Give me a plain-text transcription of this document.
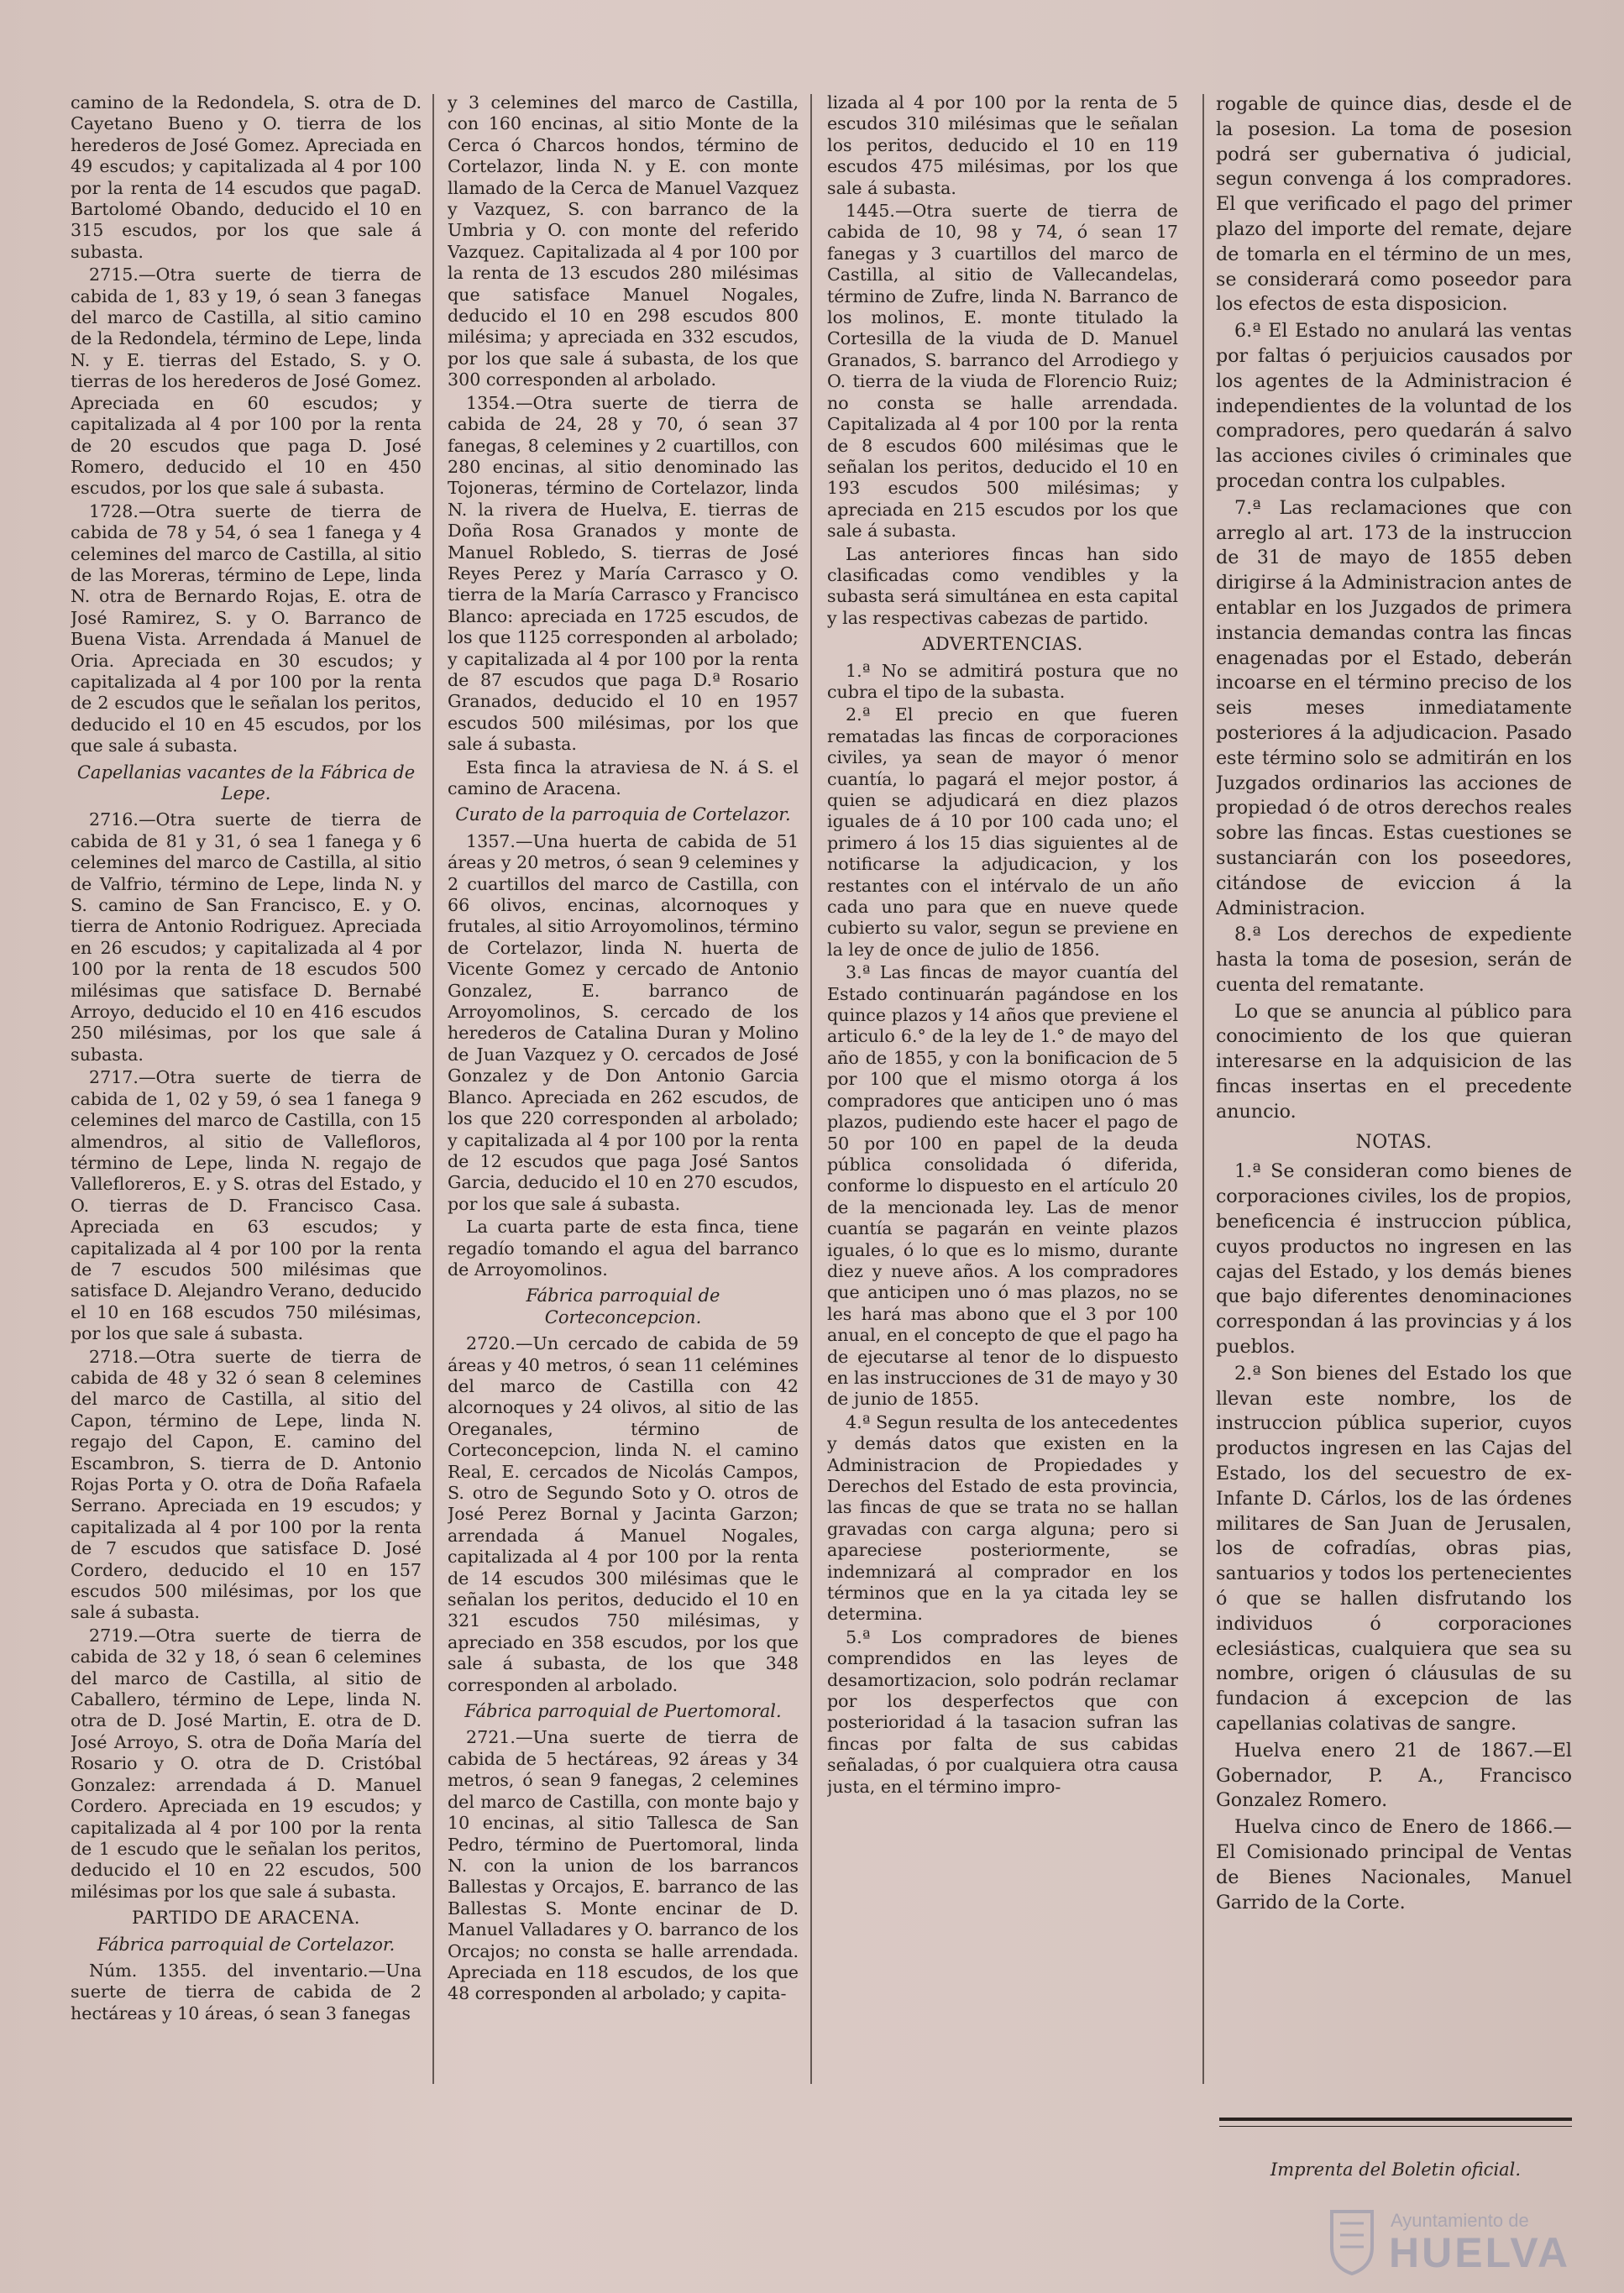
camino de la Redondela, S. otra de D. Cayetano Bueno y O. tierra de los herederos de José Gomez. Apreciada en 49 escudos; y capitalizada al 4 por 100 por la renta de 14 escudos que pagaD. Bartolomé Obando, deducido el 10 en 315 escudos, por los que sale á subasta.

2715.—Otra suerte de tierra de cabida de 1, 83 y 19, ó sean 3 fanegas del marco de Castilla, al sitio camino de la Redondela, término de Lepe, linda N. y E. tierras del Estado, S. y O. tierras de los herederos de José Gomez. Apreciada en 60 escudos; y capitalizada al 4 por 100 por la renta de 20 escudos que paga D. José Romero, deducido el 10 en 450 escudos, por los que sale á subasta.

1728.—Otra suerte de tierra de cabida de 78 y 54, ó sea 1 fanega y 4 celemines del marco de Castilla, al sitio de las Moreras, término de Lepe, linda N. otra de Bernardo Rojas, E. otra de José Ramirez, S. y O. Barranco de Buena Vista. Arrendada á Manuel de Oria. Apreciada en 30 escudos; y capitalizada al 4 por 100 por la renta de 2 escudos que le señalan los peritos, deducido el 10 en 45 escudos, por los que sale á subasta.

Capellanias vacantes de la Fábrica de Lepe.

2716.—Otra suerte de tierra de cabida de 81 y 31, ó sea 1 fanega y 6 celemines del marco de Castilla, al sitio de Valfrio, término de Lepe, linda N. y S. camino de San Francisco, E. y O. tierra de Antonio Rodriguez. Apreciada en 26 escudos; y capitalizada al 4 por 100 por la renta de 18 escudos 500 milésimas que satisface D. Bernabé Arroyo, deducido el 10 en 416 escudos 250 milésimas, por los que sale á subasta.

2717.—Otra suerte de tierra de cabida de 1, 02 y 59, ó sea 1 fanega 9 celemines del marco de Castilla, con 15 almendros, al sitio de Vallefloros, término de Lepe, linda N. regajo de Vallefloreros, E. y S. otras del Estado, y O. tierras de D. Francisco Casa. Apreciada en 63 escudos; y capitalizada al 4 por 100 por la renta de 7 escudos 500 milésimas que satisface D. Alejandro Verano, deducido el 10 en 168 escudos 750 milésimas, por los que sale á subasta.

2718.—Otra suerte de tierra de cabida de 48 y 32 ó sean 8 celemines del marco de Castilla, al sitio del Capon, término de Lepe, linda N. regajo del Capon, E. camino del Escambron, S. tierra de D. Antonio Rojas Porta y O. otra de Doña Rafaela Serrano. Apreciada en 19 escudos; y capitalizada al 4 por 100 por la renta de 7 escudos que satisface D. José Cordero, deducido el 10 en 157 escudos 500 milésimas, por los que sale á subasta.

2719.—Otra suerte de tierra de cabida de 32 y 18, ó sean 6 celemines del marco de Castilla, al sitio de Caballero, término de Lepe, linda N. otra de D. José Martin, E. otra de D. José Arroyo, S. otra de Doña María del Rosario y O. otra de D. Cristóbal Gonzalez: arrendada á D. Manuel Cordero. Apreciada en 19 escudos; y capitalizada al 4 por 100 por la renta de 1 escudo que le señalan los peritos, deducido el 10 en 22 escudos, 500 milésimas por los que sale á subasta.

PARTIDO DE ARACENA.
Fábrica parroquial de Cortelazor.

Núm. 1355. del inventario.—Una suerte de tierra de cabida de 2 hectáreas y 10 áreas, ó sean 3 fanegas

y 3 celemines del marco de Castilla, con 160 encinas, al sitio Monte de la Cerca ó Charcos hondos, término de Cortelazor, linda N. y E. con monte llamado de la Cerca de Manuel Vazquez y Vazquez, S. con barranco de la Umbria y O. con monte del referido Vazquez. Capitalizada al 4 por 100 por la renta de 13 escudos 280 milésimas que satisface Manuel Nogales, deducido el 10 en 298 escudos 800 milésima; y apreciada en 332 escudos, por los que sale á subasta, de los que 300 corresponden al arbolado.

1354.—Otra suerte de tierra de cabida de 24, 28 y 70, ó sean 37 fanegas, 8 celemines y 2 cuartillos, con 280 encinas, al sitio denominado las Tojoneras, término de Cortelazor, linda N. la rivera de Huelva, E. tierras de Doña Rosa Granados y monte de Manuel Robledo, S. tierras de José Reyes Perez y María Carrasco y O. tierra de la María Carrasco y Francisco Blanco: apreciada en 1725 escudos, de los que 1125 corresponden al arbolado; y capitalizada al 4 por 100 por la renta de 87 escudos que paga D.ª Rosario Granados, deducido el 10 en 1957 escudos 500 milésimas, por los que sale á subasta.

Esta finca la atraviesa de N. á S. el camino de Aracena.

Curato de la parroquia de Cortelazor.

1357.—Una huerta de cabida de 51 áreas y 20 metros, ó sean 9 celemines y 2 cuartillos del marco de Castilla, con 66 olivos, encinas, alcornoques y frutales, al sitio Arroyomolinos, término de Cortelazor, linda N. huerta de Vicente Gomez y cercado de Antonio Gonzalez, E. barranco de Arroyomolinos, S. cercado de los herederos de Catalina Duran y Molino de Juan Vazquez y O. cercados de José Gonzalez y de Don Antonio Garcia Blanco. Apreciada en 262 escudos, de los que 220 corresponden al arbolado; y capitalizada al 4 por 100 por la renta de 12 escudos que paga José Santos Garcia, deducido el 10 en 270 escudos, por los que sale á subasta.

La cuarta parte de esta finca, tiene regadío tomando el agua del barranco de Arroyomolinos.

Fábrica parroquial de Corteconcepcion.

2720.—Un cercado de cabida de 59 áreas y 40 metros, ó sean 11 celémines del marco de Castilla con 42 alcornoques y 24 olivos, al sitio de las Oreganales, término de Corteconcepcion, linda N. el camino Real, E. cercados de Nicolás Campos, S. otro de Segundo Soto y O. otros de José Perez Bornal y Jacinta Garzon; arrendada á Manuel Nogales, capitalizada al 4 por 100 por la renta de 14 escudos 300 milésimas que le señalan los peritos, deducido el 10 en 321 escudos 750 milésimas, y apreciado en 358 escudos, por los que sale á subasta, de los que 348 corresponden al arbolado.

Fábrica parroquial de Puertomoral.

2721.—Una suerte de tierra de cabida de 5 hectáreas, 92 áreas y 34 metros, ó sean 9 fanegas, 2 celemines del marco de Castilla, con monte bajo y 10 encinas, al sitio Tallesca de San Pedro, término de Puertomoral, linda N. con la union de los barrancos Ballestas y Orcajos, E. barranco de las Ballestas S. Monte encinar de D. Manuel Valladares y O. barranco de los Orcajos; no consta se halle arrendada. Apreciada en 118 escudos, de los que 48 corresponden al arbolado; y capita-

lizada al 4 por 100 por la renta de 5 escudos 310 milésimas que le señalan los peritos, deducido el 10 en 119 escudos 475 milésimas, por los que sale á subasta.

1445.—Otra suerte de tierra de cabida de 10, 98 y 74, ó sean 17 fanegas y 3 cuartillos del marco de Castilla, al sitio de Vallecandelas, término de Zufre, linda N. Barranco de los molinos, E. monte titulado la Cortesilla de la viuda de D. Manuel Granados, S. barranco del Arrodiego y O. tierra de la viuda de Florencio Ruiz; no consta se halle arrendada. Capitalizada al 4 por 100 por la renta de 8 escudos 600 milésimas que le señalan los peritos, deducido el 10 en 193 escudos 500 milésimas; y apreciada en 215 escudos por los que sale á subasta.

Las anteriores fincas han sido clasificadas como vendibles y la subasta será simultánea en esta capital y las respectivas cabezas de partido.

ADVERTENCIAS.

1.ª No se admitirá postura que no cubra el tipo de la subasta.

2.ª El precio en que fueren rematadas las fincas de corporaciones civiles, ya sean de mayor ó menor cuantía, lo pagará el mejor postor, á quien se adjudicará en diez plazos iguales de á 10 por 100 cada uno; el primero á los 15 dias siguientes al de notificarse la adjudicacion, y los restantes con el intérvalo de un año cada uno para que en nueve quede cubierto su valor, segun se previene en la ley de once de julio de 1856.

3.ª Las fincas de mayor cuantía del Estado continuarán pagándose en los quince plazos y 14 años que previene el articulo 6.° de la ley de 1.° de mayo del año de 1855, y con la bonificacion de 5 por 100 que el mismo otorga á los compradores que anticipen uno ó mas plazos, pudiendo este hacer el pago de 50 por 100 en papel de la deuda pública consolidada ó diferida, conforme lo dispuesto en el artículo 20 de la mencionada ley. Las de menor cuantía se pagarán en veinte plazos iguales, ó lo que es lo mismo, durante diez y nueve años. A los compradores que anticipen uno ó mas plazos, no se les hará mas abono que el 3 por 100 anual, en el concepto de que el pago ha de ejecutarse al tenor de lo dispuesto en las instrucciones de 31 de mayo y 30 de junio de 1855.

4.ª Segun resulta de los antecedentes y demás datos que existen en la Administracion de Propiedades y Derechos del Estado de esta provincia, las fincas de que se trata no se hallan gravadas con carga alguna; pero si apareciese posteriormente, se indemnizará al comprador en los términos que en la ya citada ley se determina.

5.ª Los compradores de bienes comprendidos en las leyes de desamortizacion, solo podrán reclamar por los desperfectos que con posterioridad á la tasacion sufran las fincas por falta de sus cabidas señaladas, ó por cualquiera otra causa justa, en el término impro-

rogable de quince dias, desde el de la posesion. La toma de posesion podrá ser gubernativa ó judicial, segun convenga á los compradores. El que verificado el pago del primer plazo del importe del remate, dejare de tomarla en el término de un mes, se considerará como poseedor para los efectos de esta disposicion.

6.ª El Estado no anulará las ventas por faltas ó perjuicios causados por los agentes de la Administracion é independientes de la voluntad de los compradores, pero quedarán á salvo las acciones civiles ó criminales que procedan contra los culpables.

7.ª Las reclamaciones que con arreglo al art. 173 de la instruccion de 31 de mayo de 1855 deben dirigirse á la Administracion antes de entablar en los Juzgados de primera instancia demandas contra las fincas enagenadas por el Estado, deberán incoarse en el término preciso de los seis meses inmediatamente posteriores á la adjudicacion. Pasado este término solo se admitirán en los Juzgados ordinarios las acciones de propiedad ó de otros derechos reales sobre las fincas. Estas cuestiones se sustanciarán con los poseedores, citándose de eviccion á la Administracion.

8.ª Los derechos de expediente hasta la toma de posesion, serán de cuenta del rematante.

Lo que se anuncia al público para conocimiento de los que quieran interesarse en la adquisicion de las fincas insertas en el precedente anuncio.

NOTAS.

1.ª Se consideran como bienes de corporaciones civiles, los de propios, beneficencia é instruccion pública, cuyos productos no ingresen en las cajas del Estado, y los demás bienes que bajo diferentes denominaciones correspondan á las provincias y á los pueblos.

2.ª Son bienes del Estado los que llevan este nombre, los de instruccion pública superior, cuyos productos ingresen en las Cajas del Estado, los del secuestro de ex-Infante D. Cárlos, los de las órdenes militares de San Juan de Jerusalen, los de cofradías, obras pias, santuarios y todos los pertenecientes ó que se hallen disfrutando los individuos ó corporaciones eclesiásticas, cualquiera que sea su nombre, origen ó cláusulas de su fundacion á excepcion de las capellanias colativas de sangre.

Huelva enero 21 de 1867.—El Gobernador, P. A., Francisco Gonzalez Romero.

Huelva cinco de Enero de 1866.—El Comisionado principal de Ventas de Bienes Nacionales, Manuel Garrido de la Corte.

Imprenta del Boletin oficial.
Ayuntamiento de
HUELVA
